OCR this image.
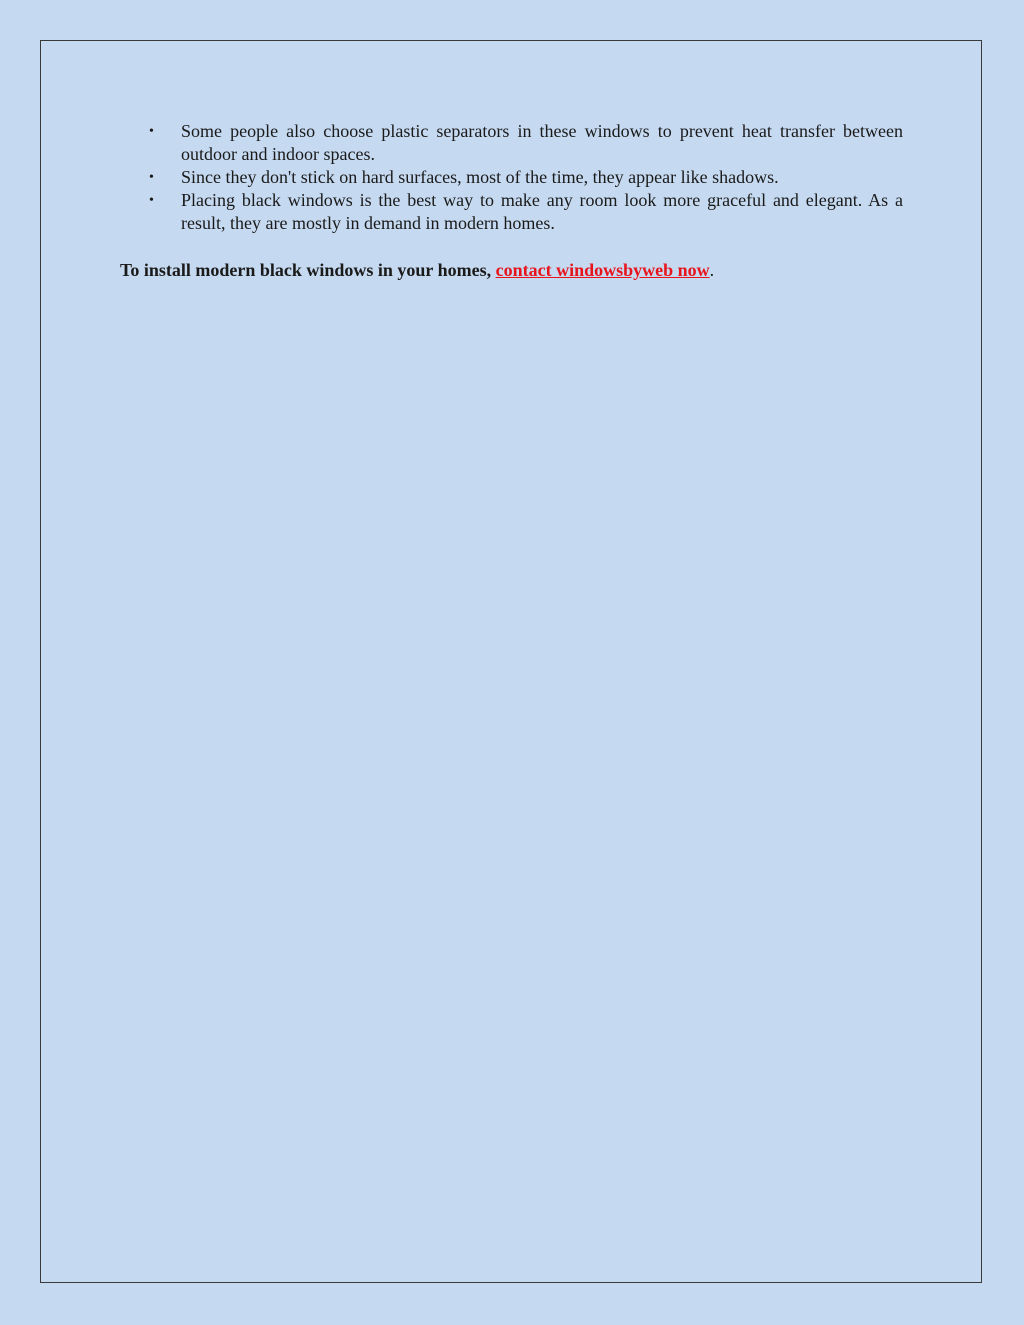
• Some people also choose plastic separators in these windows to prevent heat transfer between outdoor and indoor spaces.
• Since they don't stick on hard surfaces, most of the time, they appear like shadows.
• Placing black windows is the best way to make any room look more graceful and elegant. As a result, they are mostly in demand in modern homes.

To install modern black windows in your homes, contact windowsbyweb now.
